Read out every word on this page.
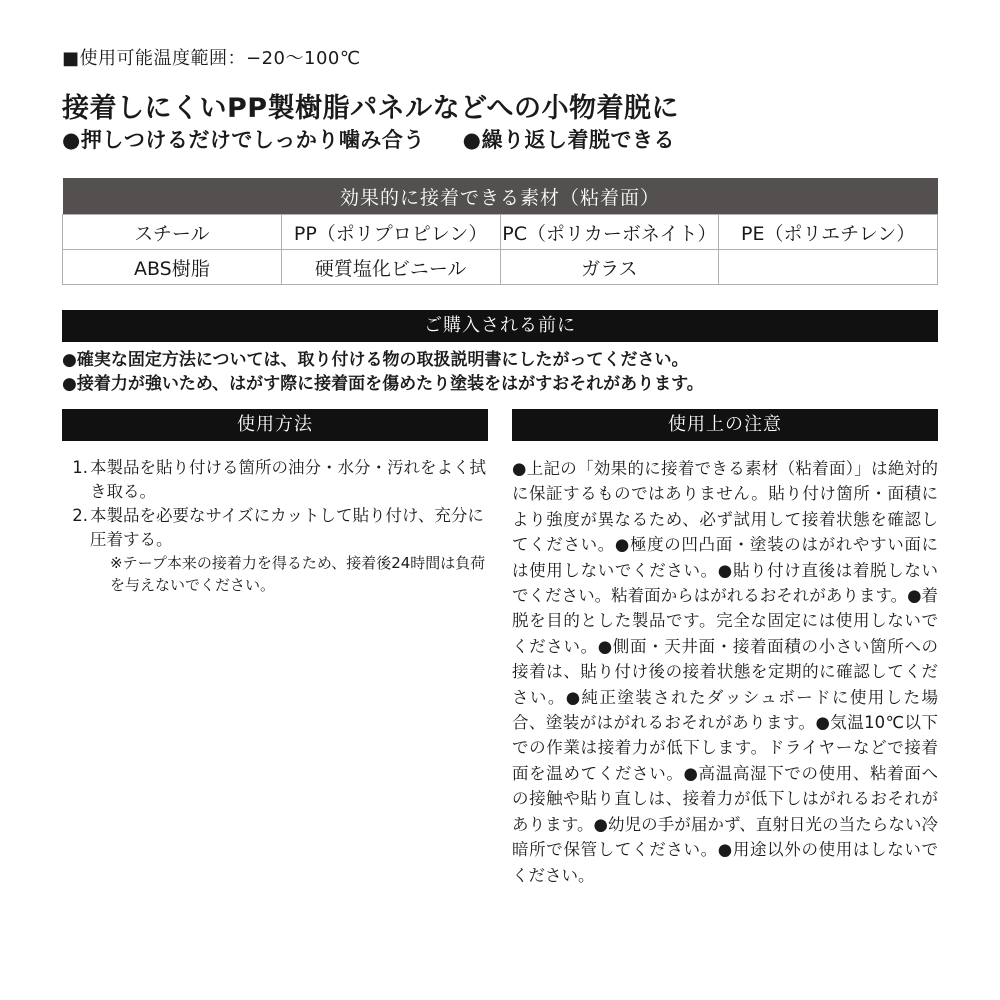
■使用可能温度範囲：−20〜100℃
接着しにくいPP製樹脂パネルなどへの小物着脱に
●押しつけるだけでしっかり噛み合う ●繰り返し着脱できる
効果的に接着できる素材（粘着面）			
スチール	PP（ポリプロピレン）	PC（ポリカーボネイト）	PE（ポリエチレン）
ABS樹脂	硬質塩化ビニール	ガラス	
ご購入される前に
●確実な固定方法については、取り付ける物の取扱説明書にしたがってください。
●接着力が強いため、はがす際に接着面を傷めたり塗装をはがすおそれがあります。
使用方法
1. 本製品を貼り付ける箇所の油分・水分・汚れをよく拭き取る。
2. 本製品を必要なサイズにカットして貼り付け、充分に圧着する。
※テープ本来の接着力を得るため、接着後24時間は負荷を与えないでください。
使用上の注意
●上記の「効果的に接着できる素材（粘着面）」は絶対的に保証するものではありません。貼り付け箇所・面積により強度が異なるため、必ず試用して接着状態を確認してください。●極度の凹凸面・塗装のはがれやすい面には使用しないでください。●貼り付け直後は着脱しないでください。粘着面からはがれるおそれがあります。●着脱を目的とした製品です。完全な固定には使用しないでください。●側面・天井面・接着面積の小さい箇所への接着は、貼り付け後の接着状態を定期的に確認してください。●純正塗装されたダッシュボードに使用した場合、塗装がはがれるおそれがあります。●気温10℃以下での作業は接着力が低下します。ドライヤーなどで接着面を温めてください。●高温高湿下での使用、粘着面への接触や貼り直しは、接着力が低下しはがれるおそれがあります。●幼児の手が届かず、直射日光の当たらない冷暗所で保管してください。●用途以外の使用はしないでください。
